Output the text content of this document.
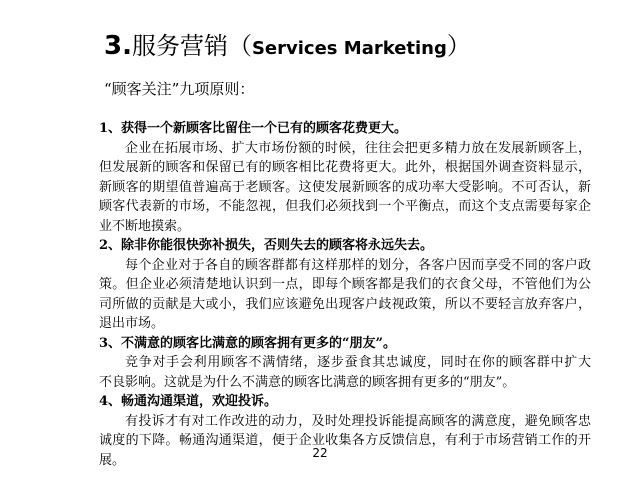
3.服务营销（Services Marketing）
“顾客关注”九项原则：
1、获得一个新顾客比留住一个已有的顾客花费更大。

企业在拓展市场、扩大市场份额的时候，往往会把更多精力放在发展新顾客上，但发展新的顾客和保留已有的顾客相比花费将更大。此外，根据国外调查资料显示，新顾客的期望值普遍高于老顾客。这使发展新顾客的成功率大受影响。不可否认，新顾客代表新的市场，不能忽视，但我们必须找到一个平衡点，而这个支点需要每家企业不断地摸索。

2、除非你能很快弥补损失，否则失去的顾客将永远失去。

每个企业对于各自的顾客群都有这样那样的划分，各客户因而享受不同的客户政策。但企业必须清楚地认识到一点，即每个顾客都是我们的衣食父母，不管他们为公司所做的贡献是大或小，我们应该避免出现客户歧视政策，所以不要轻言放弃客户，退出市场。

3、不满意的顾客比满意的顾客拥有更多的“朋友”。

竞争对手会利用顾客不满情绪，逐步蚕食其忠诚度，同时在你的顾客群中扩大　不良影响。这就是为什么不满意的顾客比满意的顾客拥有更多的“朋友”。

4、畅通沟通渠道，欢迎投诉。

有投诉才有对工作改进的动力，及时处理投诉能提高顾客的满意度，避免顾客忠诚度的下降。畅通沟通渠道，便于企业收集各方反馈信息，有利于市场营销工作的开展。	22
